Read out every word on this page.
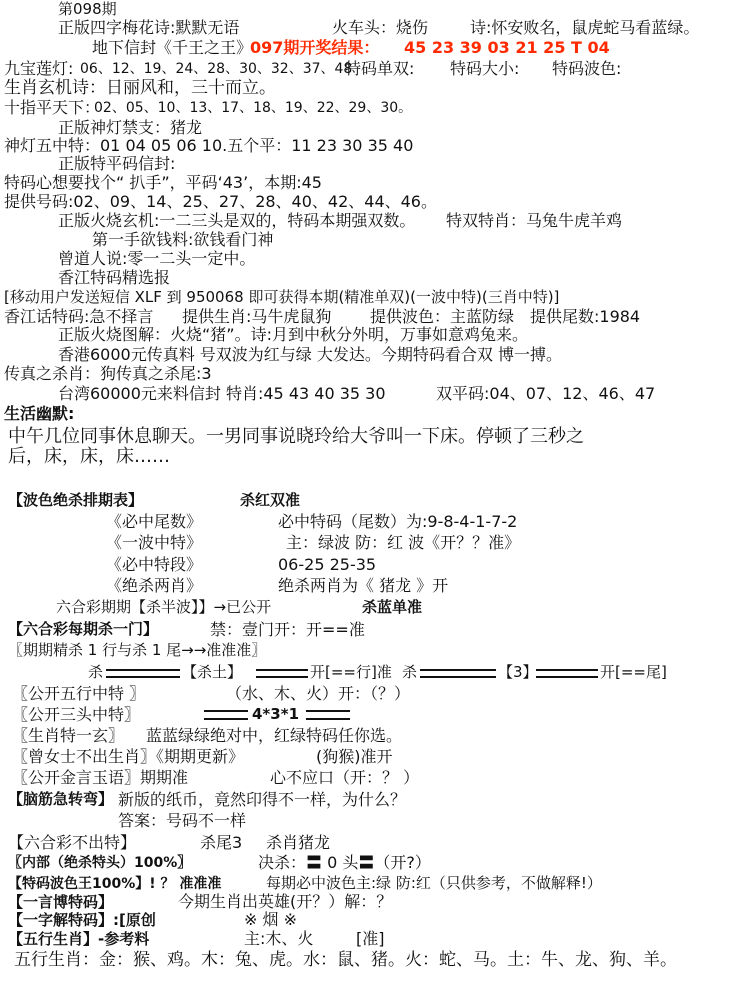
第098期
正版四字梅花诗:默默无语	火车头：烧伤	诗:怀安败名，鼠虎蛇马看蓝绿。
地下信封《千王之王》
097期开奖结果： 45 23 39 03 21 25 T 04
九宝莲灯: 06、12、19、24、28、30、32、37、48
特码单双: 特码大小: 特码波色:
生肖玄机诗：日丽风和，三十而立。
十指平天下：
02、05、10、13、17、18、19、22、29、30。
正版神灯禁支：猪龙
神灯五中特：01 04 05 06 10.五个平：11 23 30 35 40
正版特平码信封:
特码心想要找个“ 扒手”，平码‘43’，本期:45
提供号码:02、09、14、25、27、28、40、42、44、46。
正版火烧玄机:一二三头是双的，特码本期强双数。 特双特肖：马兔牛虎羊鸡
第一手欲钱料:欲钱看门神
曾道人说:零一二头一定中。
香江特码精选报
[移动用户发送短信 XLF 到 950068 即可获得本期(精准单双)(一波中特)(三肖中特)]
香江话特码:急不择言 提供生肖:马牛虎鼠狗 提供波色：主蓝防绿 提供尾数:1984
正版火烧图解：火烧“猪”。诗:月到中秋分外明，万事如意鸡兔来。
香港6000元传真料 号双波为红与绿 大发达。今期特码看合双 博一搏。
传真之杀肖：狗传真之杀尾:3
台湾60000元来料信封 特肖:45 43 40 35 30	双平码:04、07、12、46、47
生活幽默:
中午几位同事休息聊天。一男同事说晓玲给大爷叫一下床。停顿了三秒之
后，床，床，床……
【波色绝杀排期表】	杀红双准
《必中尾数》	必中特码（尾数）为:9-8-4-1-7-2
《一波中特》	主：绿波 防：红 波《开？？准》
《必中特段》	06-25 25-35
《绝杀两肖》	绝杀两肖为《 猪龙 》开
六合彩期期【杀半波】】→已公开	杀蓝单准
【六合彩每期杀一门】	禁：壹门开：开==准
〖期期精杀 1 行与杀 1 尾→→准准准〗
杀	【杀土】	开[==行]准 杀	【3】	开[==尾]
〖公开五行中特 〗	（水、木、火）开：（？）
〖公开三头中特〗	4*3*1
〖生肖特一玄〗 蓝蓝绿绿绝对中，红绿特码任你选。
〖曾女士不出生肖〗《期期更新》	(狗猴)准开
〖公开金言玉语〗期期准	心不应口（开：？ ）
【脑筋急转弯】 新版的纸币，竟然印得不一样，为什么？
答案：号码不一样
【六合彩不出特】	杀尾3 杀肖猪龙
〖内部（绝杀特头）100%〗	决杀：〓 0 头〓（开?）
【特码波色王100%】! ？ 准准准	每期必中波色主:绿 防:红（只供参考，不做解释!）
【一言博特码】	今期生肖出英雄(开？）解：？
【一字解特码】:[原创	※ 烟 ※
【五行生肖】-参考料	主:木、火	[准]
五行生肖：金：猴、鸡。木：兔、虎。水：鼠、猪。火：蛇、马。土：牛、龙、狗、羊。
